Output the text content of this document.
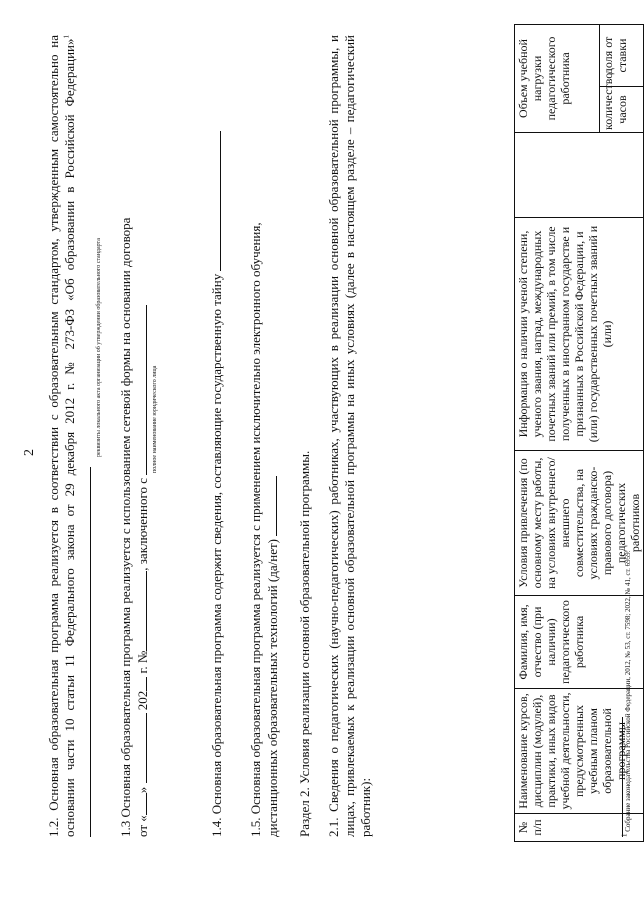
2 1.2. Основная образовательная программа реализуется в соответствии с образовательным стандартом, утвержденным самостоятельно на основании части 10 статьи 11 Федерального закона от 29 декабря 2012 г. № 273-ФЗ «Об образовании в Российской Федерации»$^1$
реквизиты локального акта организации об утверждении образовательного стандарта 1.3 Основная образовательная программа реализуется с использованием сетевой формы на основании договора от «»  202 г. №, заключенного с
полное наименование юридического лица	1.4. Основная образовательная программа содержит сведения, составляющие государственную тайну 1.5. Основная образовательная программа реализуется с применением исключительно электронного обучения, дистанционных образовательных технологий (да/нет) Раздел 2. Условия реализации основной образовательной программы. 2.1. Сведения о педагогических (научно-педагогических) работниках, участвующих в реализации основной образовательной программы, и лицах, привлекаемых к реализации основной образовательной программы на иных условиях (далее в настоящем разделе – педагогический работник):	№ п/п	Наименование курсов, дисциплин (модулей), практики, иных видов учебной деятельности, предусмотренных учебным планом образовательной программы	Фамилия, имя, отчество (при наличии) педагогического работника	Условия привлечения (по основному месту работы, на условиях внутреннего/внешнего совместительства, на условиях гражданско-правового договора) педагогических работников	Информация о наличии ученой степени, ученого звания, наград, международных почетных званий или премий, в том числе полученных в иностранном государстве и признанных в Российской Федерации, и (или) государственных почетных званий и (или)		Объем учебной нагрузки педагогического работника	
						количество часов	доля от ставки
$^1$ Собрание законодательства Российской Федерации, 2012, № 53, ст. 7598; 2022, № 41, ст. 6959.
